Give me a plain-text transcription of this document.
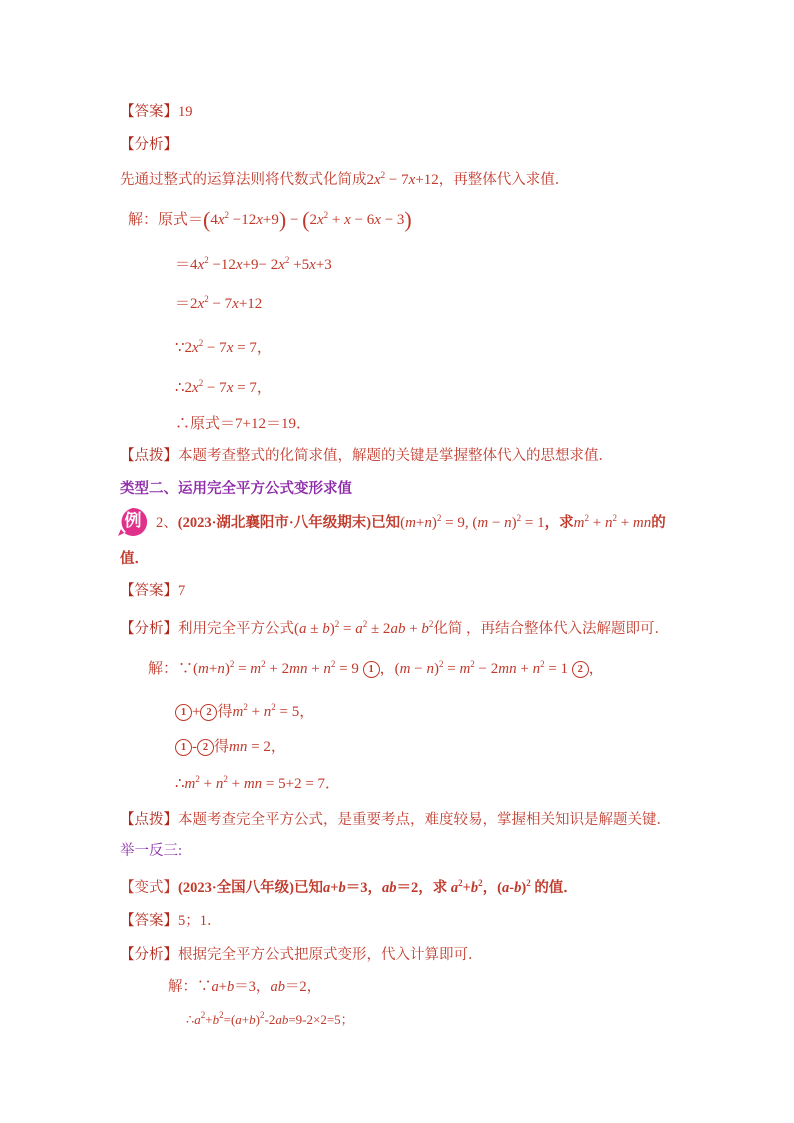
【答案】19
【分析】
先通过整式的运算法则将代数式化简成$2x^2 - 7x+12$，再整体代入求值．
解：原式$=(4x^2 -12x+9) - (2x^2 + x - 6x - 3)$
$=4x^2 -12x+9- 2x^2 +5x+3$
$=2x^2 - 7x+12$
$\because 2x^2 - 7x = 7$，
$\therefore 2x^2 - 7x = 7$，
∴原式＝7+12＝19．
【点拨】本题考查整式的化简求值，解题的关键是掌握整体代入的思想求值．
类型二、运用完全平方公式变形求值
例	2、(2023·湖北襄阳市·八年级期末)已知$(m+n)^2 = 9$, $(m - n)^2 = 1$，求$m^2 + n^2$ + mn的
值．
【答案】7
【分析】利用完全平方公式$(a \pm b)^2 = a^2 \pm 2ab + b^2$化简 ，再结合整体代入法解题即可．
解：$\because(m+n)^2 = m^2 + 2mn + n^2 = 9$ 1 ，$(m - n)^2 = m^2 - 2mn + n^2 = 1$ 2 ，
1 + 2 得$m^2 + n^2 = 5$，
1 - 2 得mn = 2，
$\therefore m^2 + n^2$ + mn = 5+2 = 7．
【点拨】本题考查完全平方公式，是重要考点，难度较易，掌握相关知识是解题关键．
举一反三:
【变式】(2023·全国八年级)已知a+b＝3，ab＝2，求 $a^2+b^2$，$(a-b)^2$ 的值．
【答案】5；1．
【分析】根据完全平方公式把原式变形，代入计算即可．
解：∵a+b＝3，ab＝2，
$\therefore a^2+b^2=(a+b)^2-2ab=9-2\times 2=5$；
